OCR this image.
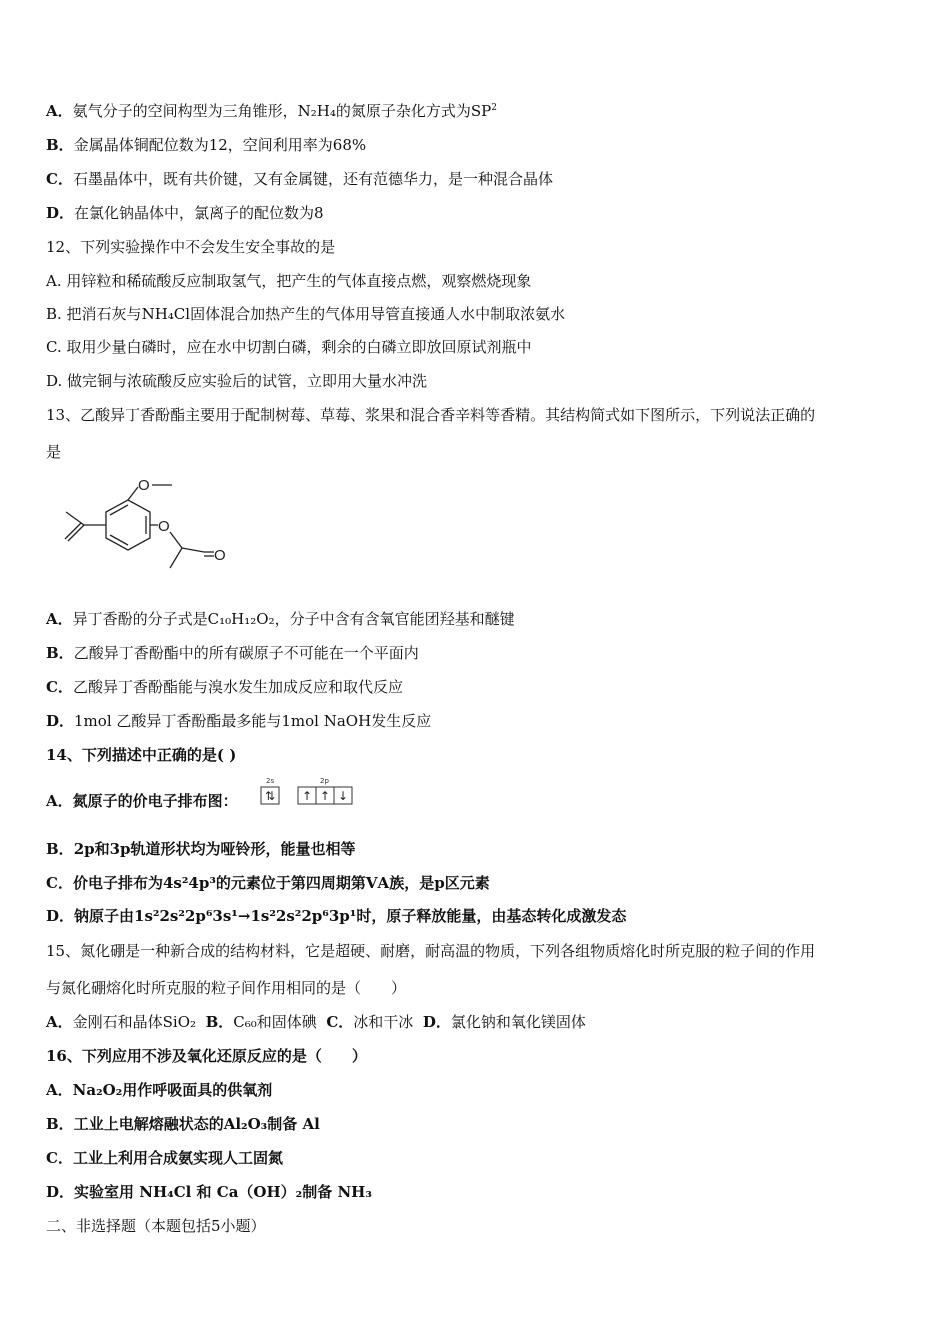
A．氨气分子的空间构型为三角锥形，N₂H₄的氮原子杂化方式为$SP^2$
B．金属晶体铜配位数为12，空间利用率为68%
C．石墨晶体中，既有共价键，又有金属键，还有范德华力，是一种混合晶体
D．在氯化钠晶体中，氯离子的配位数为8
12、下列实验操作中不会发生安全事故的是
A. 用锌粒和稀硫酸反应制取氢气，把产生的气体直接点燃，观察燃烧现象
B. 把消石灰与NH₄Cl固体混合加热产生的气体用导管直接通人水中制取浓氨水
C. 取用少量白磷时，应在水中切割白磷，剩余的白磷立即放回原试剂瓶中
D. 做完铜与浓硫酸反应实验后的试管，立即用大量水冲洗
13、乙酸异丁香酚酯主要用于配制树莓、草莓、浆果和混合香辛料等香精。其结构简式如下图所示，下列说法正确的
是
O
O
O
A．异丁香酚的分子式是C₁₀H₁₂O₂，分子中含有含氧官能团羟基和醚键
B．乙酸异丁香酚酯中的所有碳原子不可能在一个平面内
C．乙酸异丁香酚酯能与溴水发生加成反应和取代反应
D．1mol 乙酸异丁香酚酯最多能与1mol NaOH发生反应
14、下列描述中正确的是( )
A．氮原子的价电子排布图：
2s	2p
⇅ ↑ ↑ ↓
B．2p和3p轨道形状均为哑铃形，能量也相等
C．价电子排布为4s²4p³的元素位于第四周期第ⅤA族，是p区元素
D．钠原子由1s²2s²2p⁶3s¹→1s²2s²2p⁶3p¹时，原子释放能量，由基态转化成激发态
15、氮化硼是一种新合成的结构材料，它是超硬、耐磨，耐高温的物质，下列各组物质熔化时所克服的粒子间的作用
与氮化硼熔化时所克服的粒子间作用相同的是（　　）
A．金刚石和晶体SiO₂ B．C₆₀和固体碘 C．冰和干冰 D．氯化钠和氧化镁固体
16、下列应用不涉及氧化还原反应的是（　　）
A．Na₂O₂用作呼吸面具的供氧剂
B．工业上电解熔融状态的Al₂O₃制备 Al
C．工业上利用合成氨实现人工固氮
D．实验室用 NH₄Cl 和 Ca（OH）₂制备 NH₃
二、非选择题（本题包括5小题）
